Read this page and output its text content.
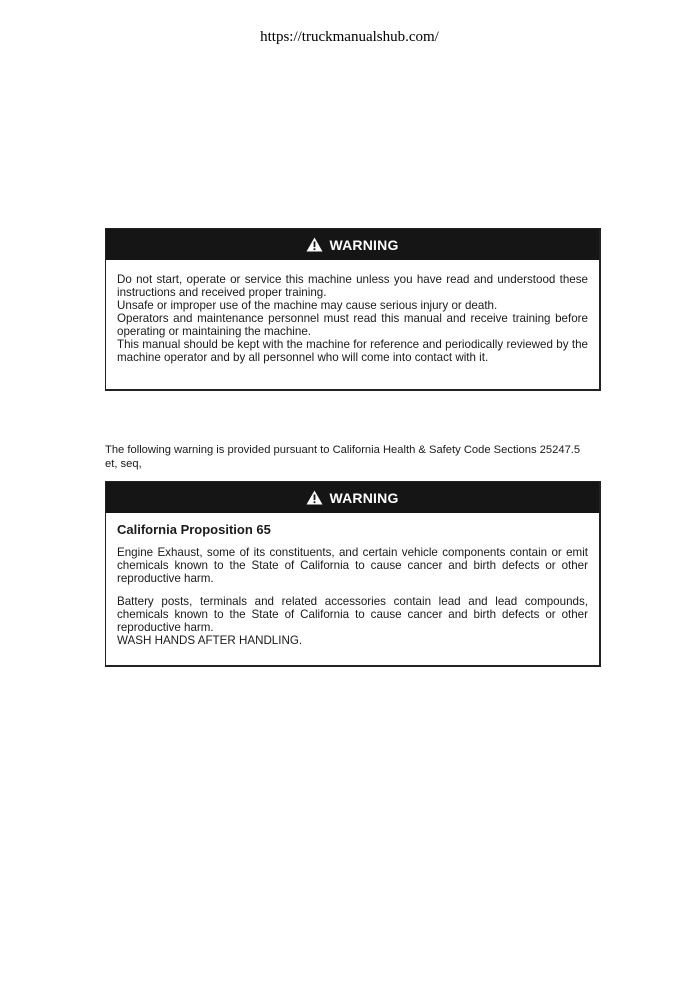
https://truckmanualshub.com/
WARNING

Do not start, operate or service this machine unless you have read and understood these instructions and received proper training.

Unsafe or improper use of the machine may cause serious injury or death.

Operators and maintenance personnel must read this manual and receive training before operating or maintaining the machine.

This manual should be kept with the machine for reference and periodically reviewed by the machine operator and by all personnel who will come into contact with it.

The following warning is provided pursuant to California Health & Safety Code Sections 25247.5 et, seq,
WARNING

California Proposition 65

Engine Exhaust, some of its constituents, and certain vehicle components contain or emit chemicals known to the State of California to cause cancer and birth defects or other reproductive harm.

Battery posts, terminals and related accessories contain lead and lead compounds, chemicals known to the State of California to cause cancer and birth defects or other reproductive harm.

WASH HANDS AFTER HANDLING.
